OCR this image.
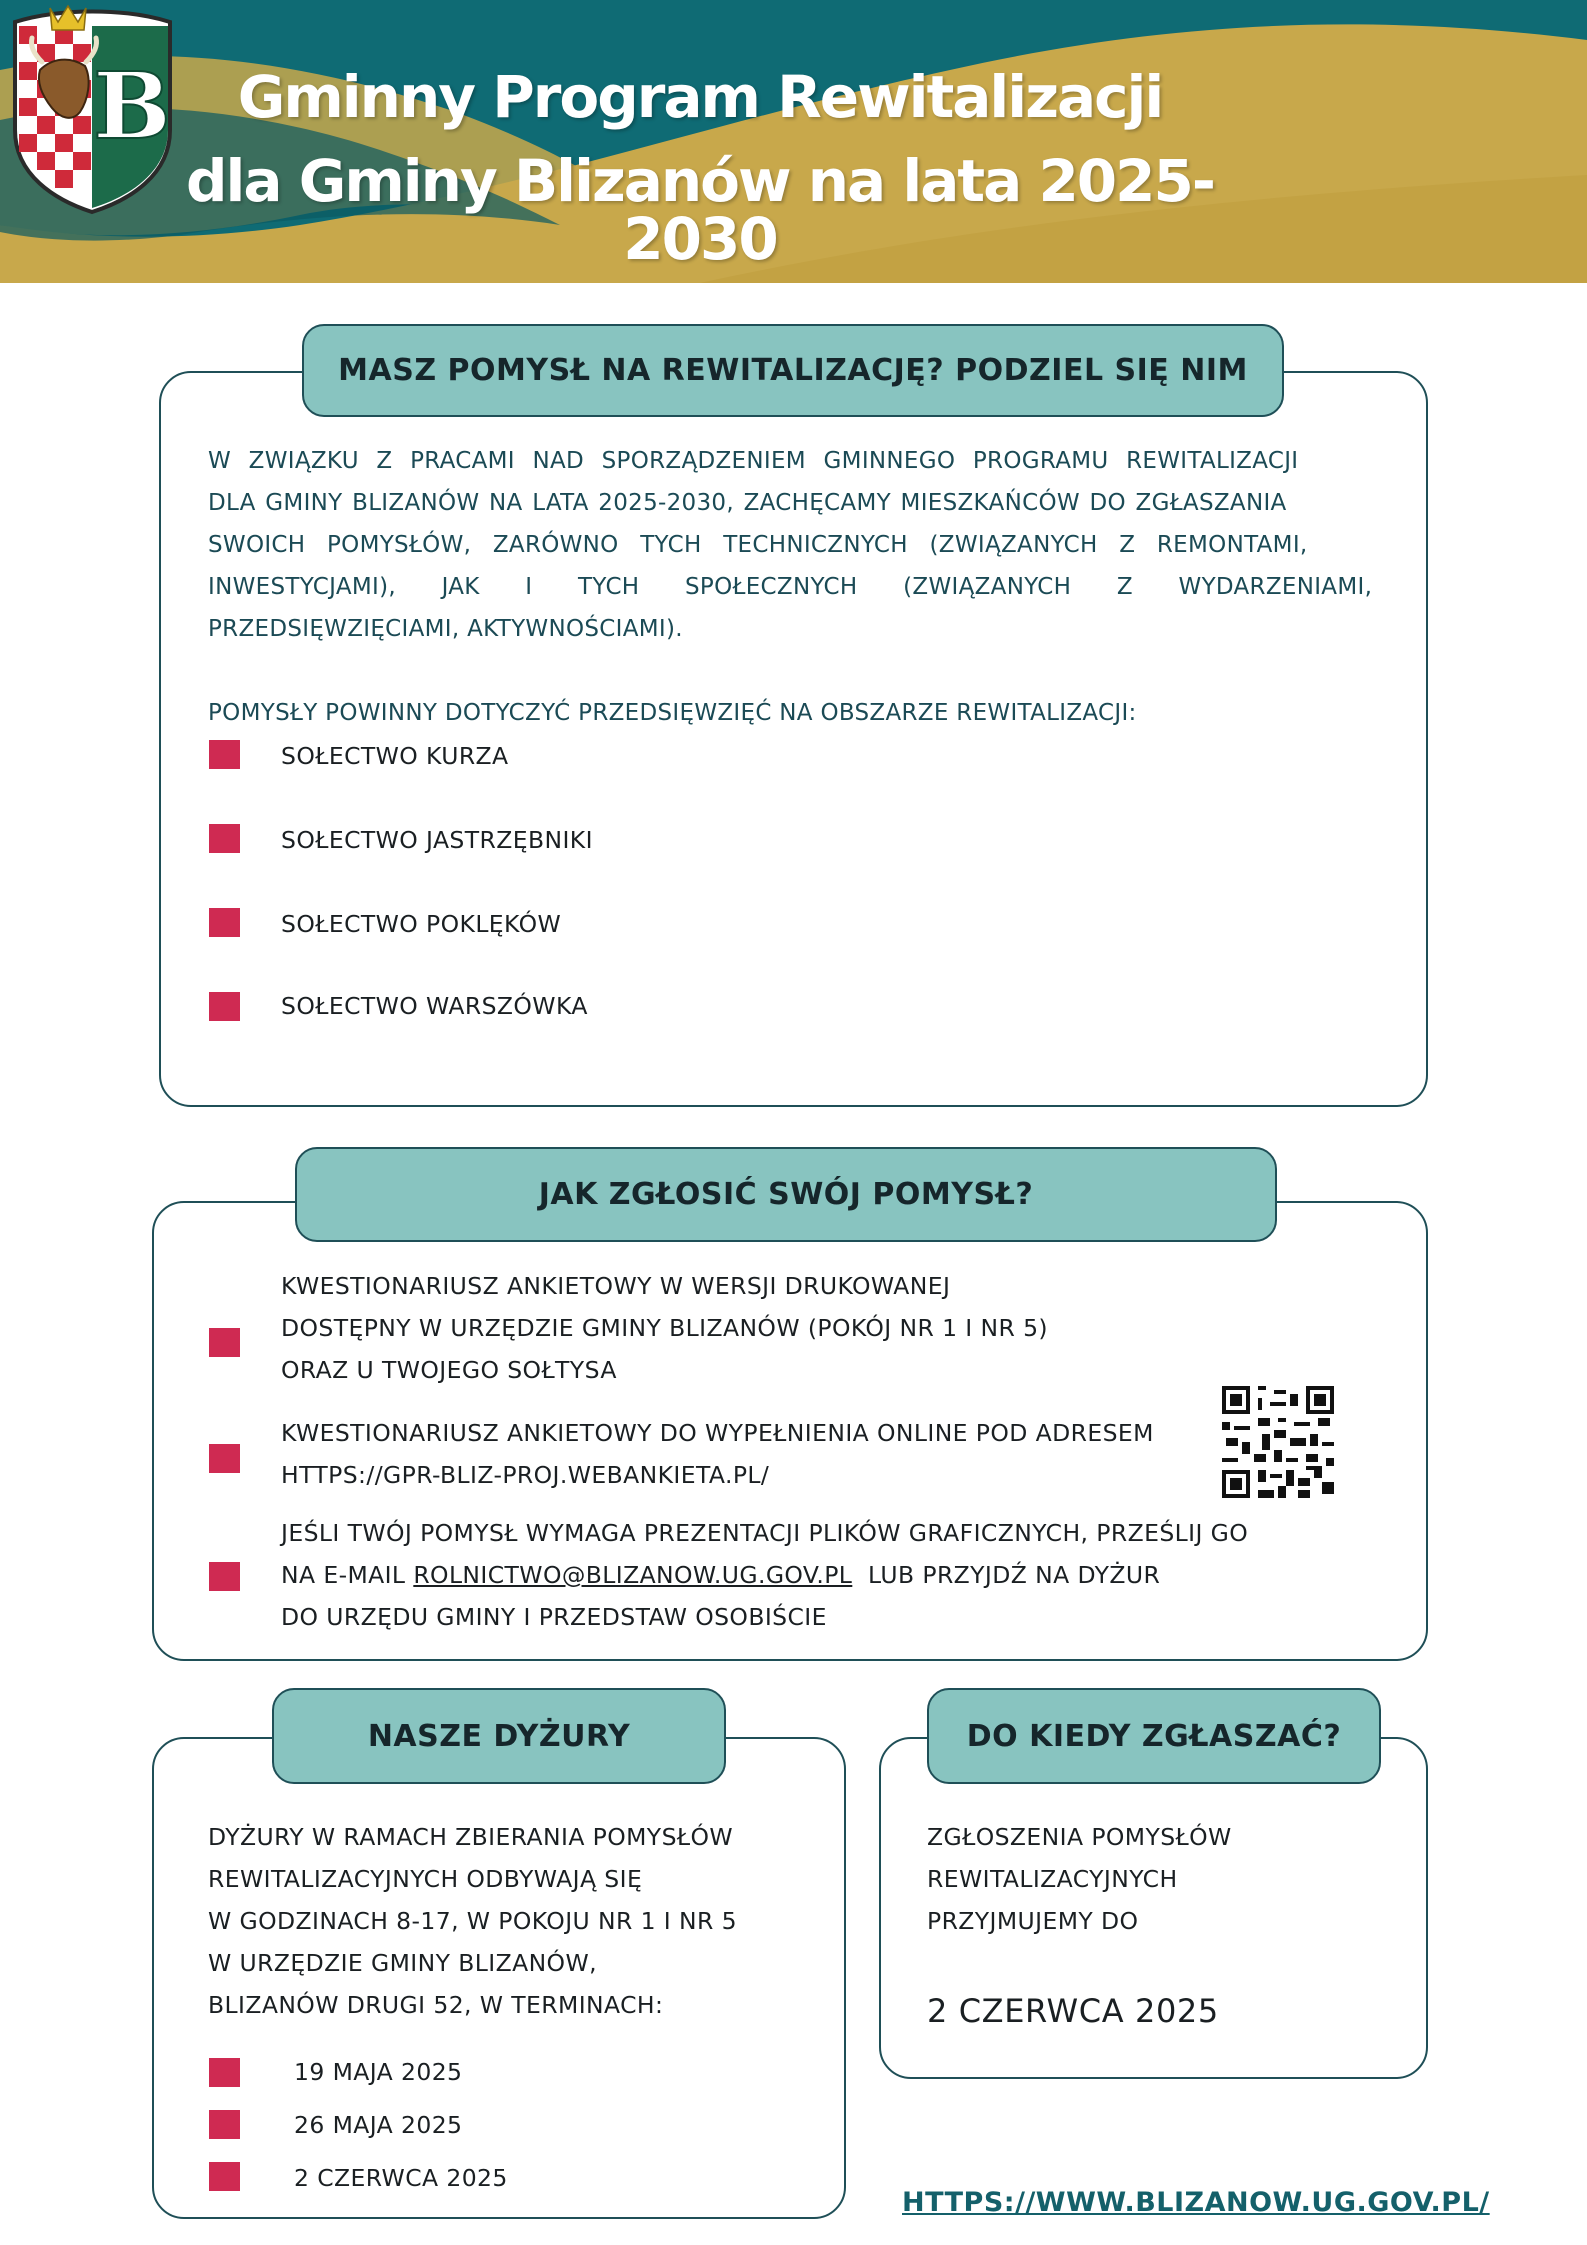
Gminny Program Rewitalizacji
dla Gminy Blizanów na lata 2025-2030
B
MASZ POMYSŁ NA REWITALIZACJĘ? PODZIEL SIĘ NIM
W ZWIĄZKU Z PRACAMI NAD SPORZĄDZENIEM GMINNEGO PROGRAMU REWITALIZACJI
DLA GMINY BLIZANÓW NA LATA 2025-2030, ZACHĘCAMY MIESZKAŃCÓW DO ZGŁASZANIA
SWOICH POMYSŁÓW, ZARÓWNO TYCH TECHNICZNYCH (ZWIĄZANYCH Z REMONTAMI,
INWESTYCJAMI), JAK I TYCH SPOŁECZNYCH (ZWIĄZANYCH Z WYDARZENIAMI,
PRZEDSIĘWZIĘCIAMI, AKTYWNOŚCIAMI).
POMYSŁY POWINNY DOTYCZYĆ PRZEDSIĘWZIĘĆ NA OBSZARZE REWITALIZACJI:
SOŁECTWO KURZA
SOŁECTWO JASTRZĘBNIKI
SOŁECTWO POKLĘKÓW
SOŁECTWO WARSZÓWKA
JAK ZGŁOSIĆ SWÓJ POMYSŁ?
KWESTIONARIUSZ ANKIETOWY W WERSJI DRUKOWANEJ
DOSTĘPNY W URZĘDZIE GMINY BLIZANÓW (POKÓJ NR 1 I NR 5)
ORAZ U TWOJEGO SOŁTYSA
KWESTIONARIUSZ ANKIETOWY DO WYPEŁNIENIA ONLINE POD ADRESEM
HTTPS://GPR-BLIZ-PROJ.WEBANKIETA.PL/
JEŚLI TWÓJ POMYSŁ WYMAGA PREZENTACJI PLIKÓW GRAFICZNYCH, PRZEŚLIJ GO
NA E-MAIL ROLNICTWO@BLIZANOW.UG.GOV.PL  LUB PRZYJDŹ NA DYŻUR
DO URZĘDU GMINY I PRZEDSTAW OSOBIŚCIE
NASZE DYŻURY
DYŻURY W RAMACH ZBIERANIA POMYSŁÓW
REWITALIZACYJNYCH ODBYWAJĄ SIĘ
W GODZINACH 8-17, W POKOJU NR 1 I NR 5
W URZĘDZIE GMINY BLIZANÓW,
BLIZANÓW DRUGI 52, W TERMINACH:
19 MAJA 2025
26 MAJA 2025
2 CZERWCA 2025
DO KIEDY ZGŁASZAĆ?
ZGŁOSZENIA POMYSŁÓW
REWITALIZACYJNYCH
PRZYJMUJEMY DO
2 CZERWCA 2025
HTTPS://WWW.BLIZANOW.UG.GOV.PL/
